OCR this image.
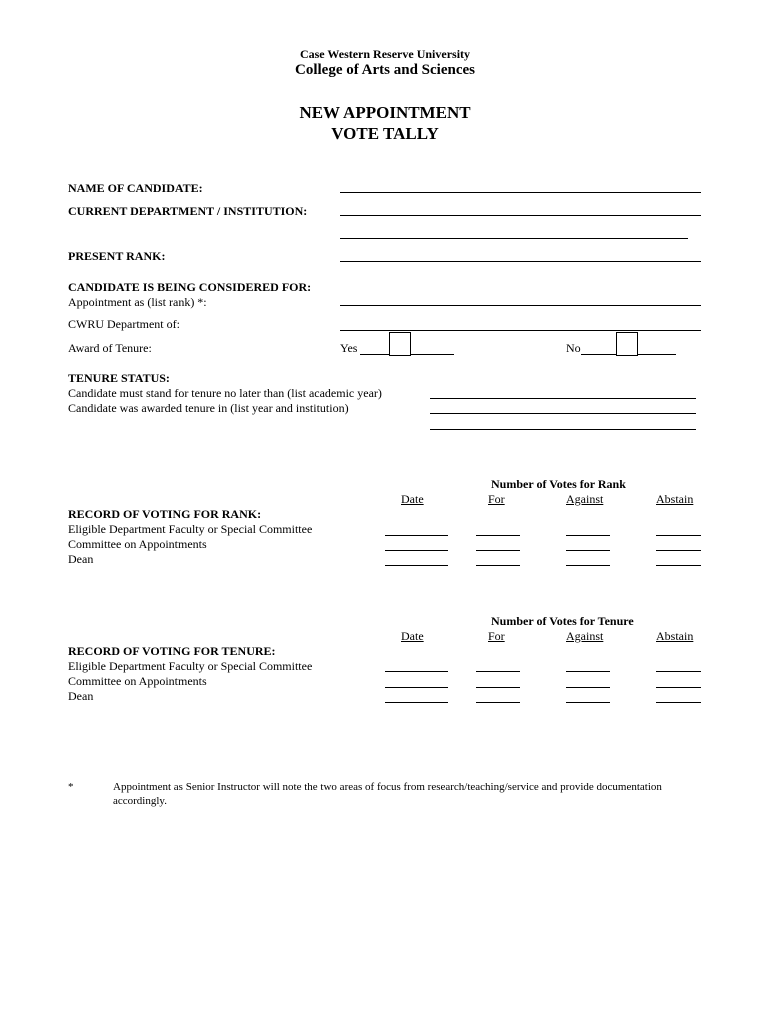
Case Western Reserve University
College of Arts and Sciences
NEW APPOINTMENT
VOTE TALLY
NAME OF CANDIDATE:
CURRENT DEPARTMENT / INSTITUTION:
PRESENT RANK:
CANDIDATE IS BEING CONSIDERED FOR:
Appointment as (list rank) *:
CWRU Department of:
Award of Tenure:	Yes	No
TENURE STATUS:
Candidate must stand for tenure no later than (list academic year)
Candidate was awarded tenure in (list year and institution)
Number of Votes for Rank
Date	For	Against	Abstain
RECORD OF VOTING FOR RANK:
Eligible Department Faculty or Special Committee
Committee on Appointments
Dean
Number of Votes for Tenure
Date	For	Against	Abstain
RECORD OF VOTING FOR TENURE:
Eligible Department Faculty or Special Committee
Committee on Appointments
Dean
*	Appointment as Senior Instructor will note the two areas of focus from research/teaching/service and provide documentation
accordingly.
